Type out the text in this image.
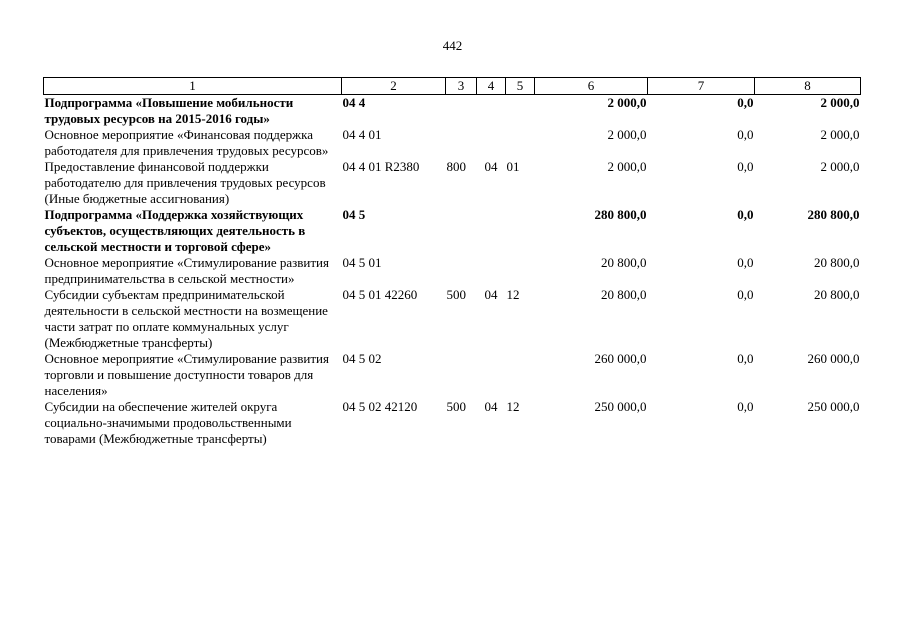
442
1	2	3	4	5	6	7	8
Подпрограмма «Повышение мобильности трудовых ресурсов на 2015-2016 годы»	04 4				2 000,0	0,0	2 000,0
Основное мероприятие «Финансовая поддержка работодателя для привлечения трудовых ресурсов»	04 4 01				2 000,0	0,0	2 000,0
Предоставление финансовой поддержки работодателю для привлечения трудовых ресурсов (Иные бюджетные ассигнования)	04 4 01 R2380	800	04	01	2 000,0	0,0	2 000,0
Подпрограмма «Поддержка хозяйствующих субъектов, осуществляющих деятельность в сельской местности и торговой сфере»	04 5				280 800,0	0,0	280 800,0
Основное мероприятие «Стимулирование развития предпринимательства в сельской местности»	04 5 01				20 800,0	0,0	20 800,0
Субсидии субъектам предпринимательской деятельности в сельской местности на возмещение части затрат по оплате коммунальных услуг (Межбюджетные трансферты)	04 5 01 42260	500	04	12	20 800,0	0,0	20 800,0
Основное мероприятие «Стимулирование развития торговли и повышение доступности товаров для населения»	04 5 02				260 000,0	0,0	260 000,0
Субсидии на обеспечение жителей округа социально-значимыми продовольственными товарами (Межбюджетные трансферты)	04 5 02 42120	500	04	12	250 000,0	0,0	250 000,0
